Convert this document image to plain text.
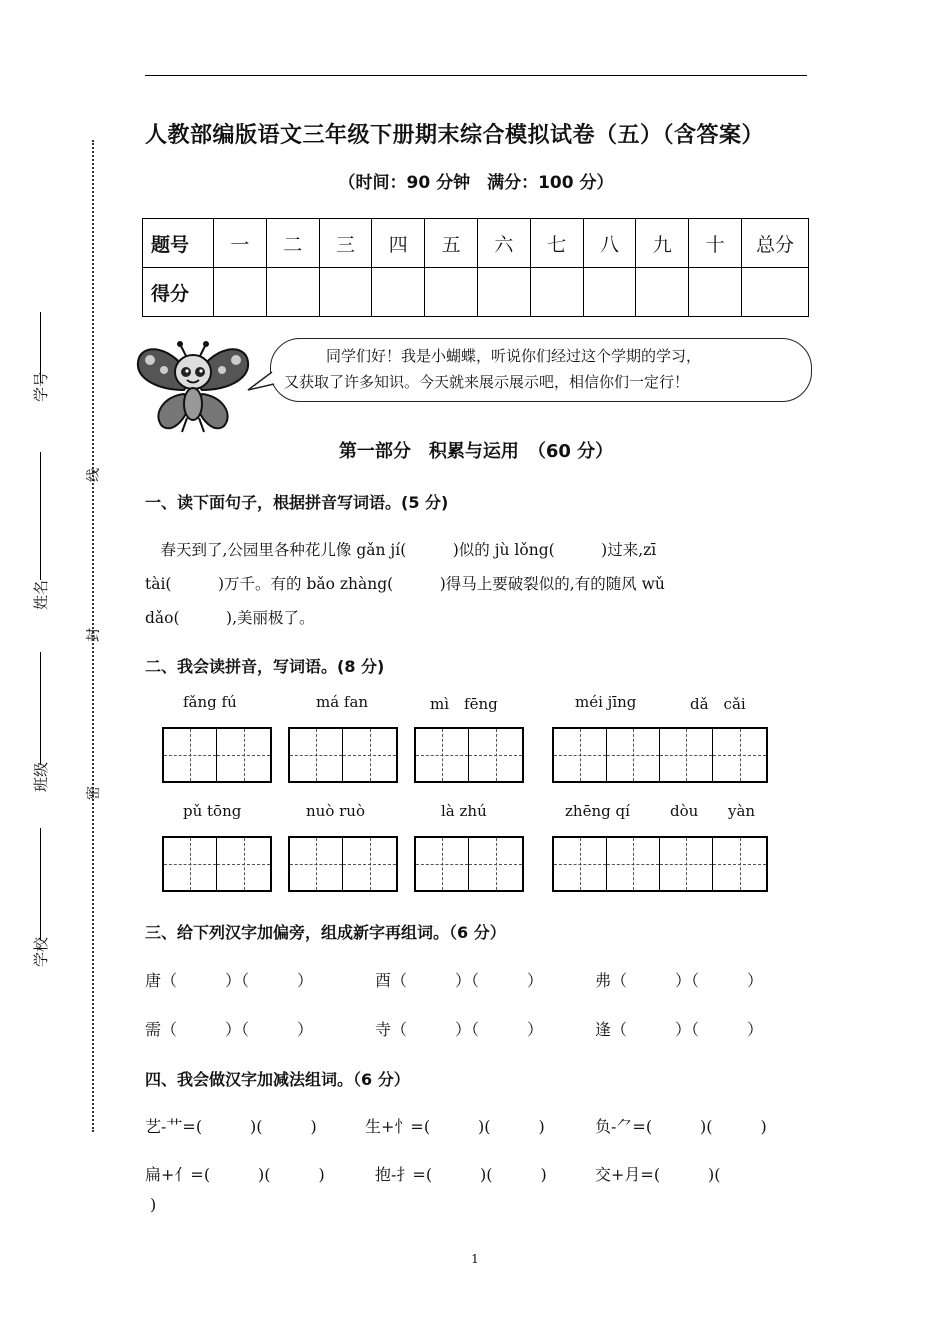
学号
姓名
班级
学校
线
封
密
人教部编版语文三年级下册期末综合模拟试卷（五）（含答案）
（时间：90 分钟　满分：100 分）
题号	一	二	三	四	五	六	七	八	九	十	总分
得分											
同学们好！我是小蝴蝶，听说你们经过这个学期的学习，
又获取了许多知识。今天就来展示展示吧，相信你们一定行！
第一部分　积累与运用　（60 分）
一、读下面句子，根据拼音写词语。(5 分)
　春天到了,公园里各种花儿像 gǎn jí(　　　)似的 jù lǒng(　　　)过来,zī
tài(　　　)万千。有的 bǎo zhàng(　　　)得马上要破裂似的,有的随风 wǔ
dǎo(　　　),美丽极了。
二、我会读拼音，写词语。(8 分)
fǎng fú	má fan	mì　fēng	méi jīng	dǎ　cǎi
pǔ tōng	nuò ruò	là zhú	zhēng qí	dòu yàn
三、给下列汉字加偏旁，组成新字再组词。（6 分）
唐（　　　）（　　　）	酉（　　　）（　　　）	弗（　　　）（　　　）
需（　　　）（　　　）	寺（　　　）（　　　）	逢（　　　）（　　　）
四、我会做汉字加减法组词。（6 分）
艺-艹=(　　　)(　　　)	生+忄=(　　　)(　　　)	负-⺈=(　　　)(　　　)
扁+亻=(　　　)(　　　)	抱-扌=(　　　)(　　　)	交+月=(　　　)(
)
1
